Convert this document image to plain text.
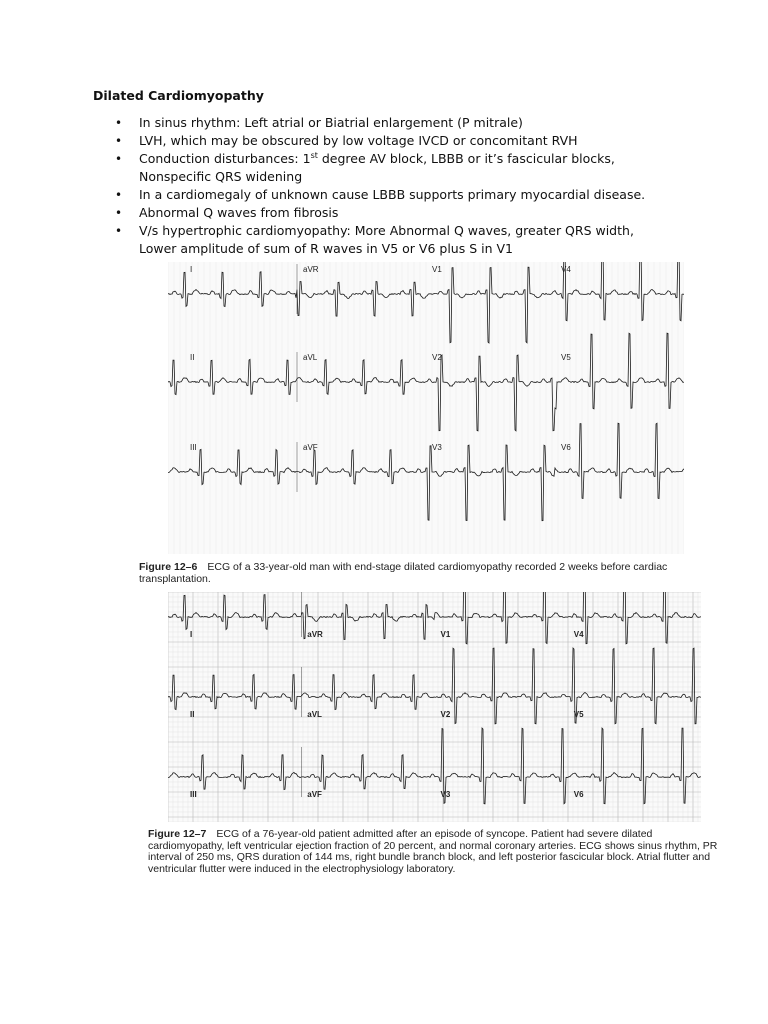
Dilated Cardiomyopathy
• In sinus rhythm: Left atrial or Biatrial enlargement (P mitrale)
• LVH, which may be obscured by low voltage IVCD or concomitant RVH
• Conduction disturbances: 1st degree AV block, LBBB or it’s fascicular blocks, Nonspecific QRS widening
• In a cardiomegaly of unknown cause LBBB supports primary myocardial disease.
• Abnormal Q waves from fibrosis
• V/s hypertrophic cardiomyopathy: More Abnormal Q waves, greater QRS width, Lower amplitude of sum of R waves in V5 or V6 plus S in V1
I	aVR	V1	V4
II	aVL	V2	V5
III	aVF	V3	V6

Figure 12–6 ECG of a 33-year-old man with end-stage dilated cardiomyopathy recorded 2 weeks before cardiac transplantation.

I	aVR	V1	V4
II	aVL	V2	V5
III	aVF	V3	V6

Figure 12–7 ECG of a 76-year-old patient admitted after an episode of syncope. Patient had severe dilated cardiomyopathy, left ventricular ejection fraction of 20 percent, and normal coronary arteries. ECG shows sinus rhythm, PR interval of 250 ms, QRS duration of 144 ms, right bundle branch block, and left posterior fascicular block. Atrial flutter and ventricular flutter were induced in the electrophysiology laboratory.
